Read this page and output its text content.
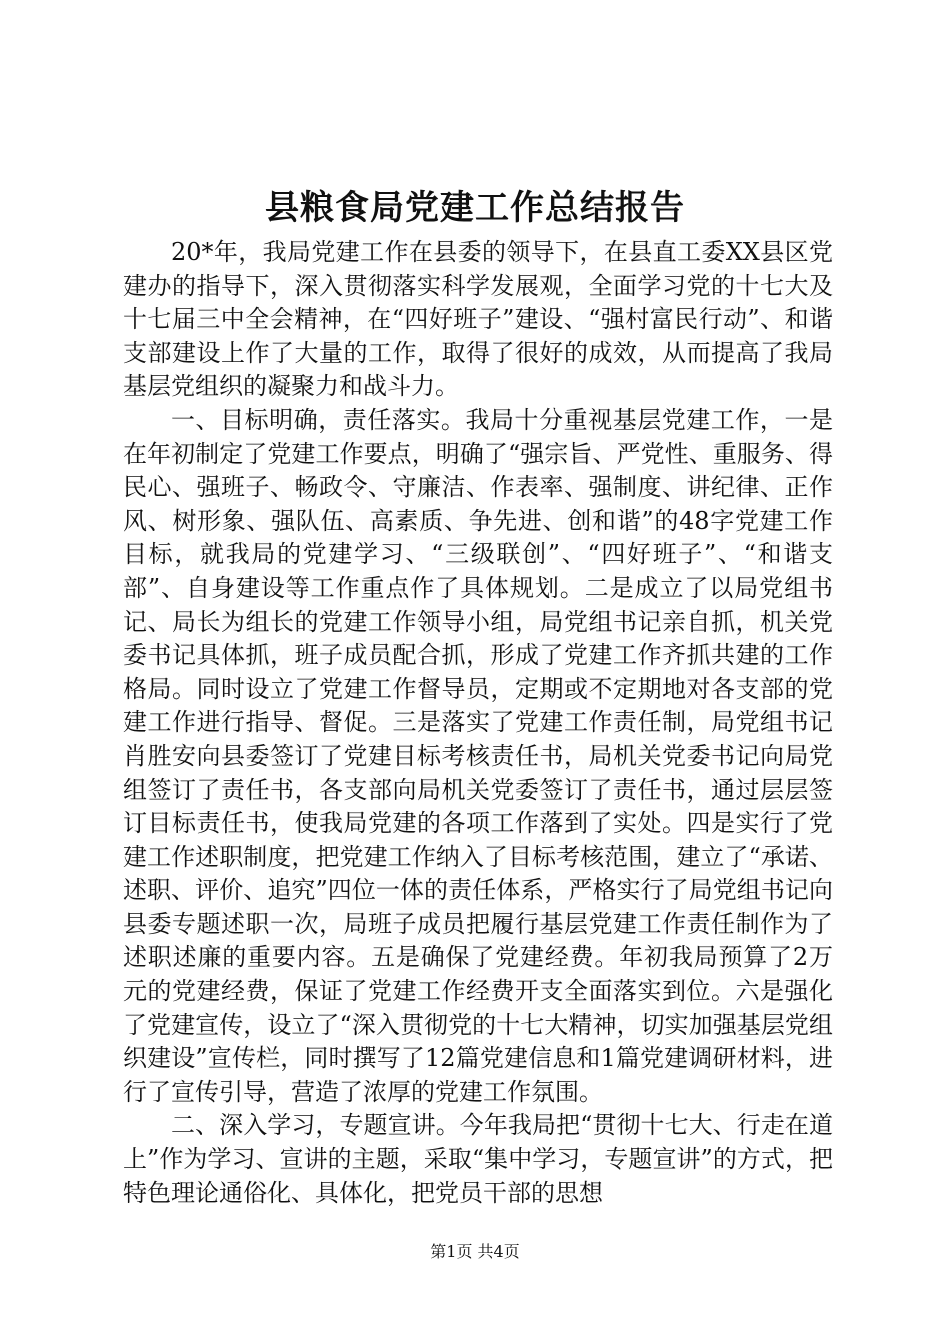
县粮食局党建工作总结报告

20*年，我局党建工作在县委的领导下，在县直工委XX县区党建办的指导下，深入贯彻落实科学发展观，全面学习党的十七大及十七届三中全会精神，在“四好班子”建设、“强村富民行动”、和谐支部建设上作了大量的工作，取得了很好的成效，从而提高了我局基层党组织的凝聚力和战斗力。

一、目标明确，责任落实。我局十分重视基层党建工作，一是在年初制定了党建工作要点，明确了“强宗旨、严党性、重服务、得民心、强班子、畅政令、守廉洁、作表率、强制度、讲纪律、正作风、树形象、强队伍、高素质、争先进、创和谐”的48字党建工作目标，就我局的党建学习、“三级联创”、“四好班子”、“和谐支部”、自身建设等工作重点作了具体规划。二是成立了以局党组书记、局长为组长的党建工作领导小组，局党组书记亲自抓，机关党委书记具体抓，班子成员配合抓，形成了党建工作齐抓共建的工作格局。同时设立了党建工作督导员，定期或不定期地对各支部的党建工作进行指导、督促。三是落实了党建工作责任制，局党组书记肖胜安向县委签订了党建目标考核责任书，局机关党委书记向局党组签订了责任书，各支部向局机关党委签订了责任书，通过层层签订目标责任书，使我局党建的各项工作落到了实处。四是实行了党建工作述职制度，把党建工作纳入了目标考核范围，建立了“承诺、述职、评价、追究”四位一体的责任体系，严格实行了局党组书记向县委专题述职一次，局班子成员把履行基层党建工作责任制作为了述职述廉的重要内容。五是确保了党建经费。年初我局预算了2万元的党建经费，保证了党建工作经费开支全面落实到位。六是强化了党建宣传，设立了“深入贯彻党的十七大精神，切实加强基层党组织建设”宣传栏，同时撰写了12篇党建信息和1篇党建调研材料，进行了宣传引导，营造了浓厚的党建工作氛围。

二、深入学习，专题宣讲。今年我局把“贯彻十七大、行走在道上”作为学习、宣讲的主题，采取“集中学习，专题宣讲”的方式，把特色理论通俗化、具体化，把党员干部的思想

第1页 共4页
